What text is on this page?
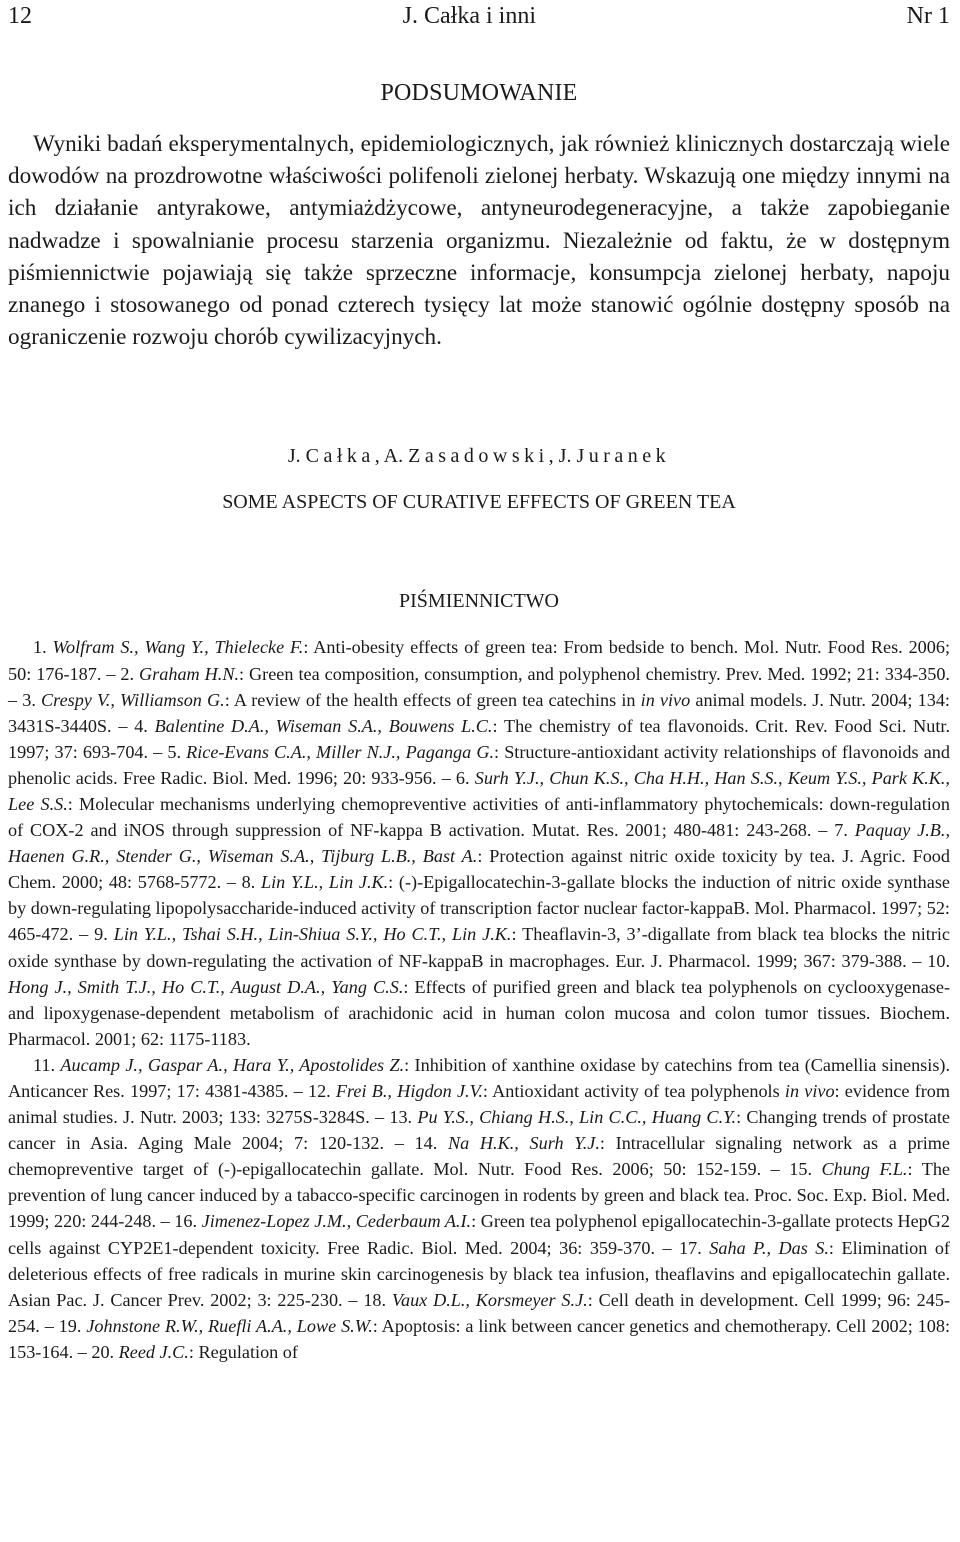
12	J. Całka i inni	Nr 1
PODSUMOWANIE

Wyniki badań eksperymentalnych, epidemiologicznych, jak również klinicznych dostarczają wiele dowodów na prozdrowotne właściwości polifenoli zielonej herbaty. Wskazują one między innymi na ich działanie antyrakowe, antymiażdżycowe, antyneurodegeneracyjne, a także zapobieganie nadwadze i spowalnianie procesu starzenia organizmu. Niezależnie od faktu, że w dostępnym piśmiennictwie pojawiają się także sprzeczne informacje, konsumpcja zielonej herbaty, napoju znanego i stosowanego od ponad czterech tysięcy lat może stanowić ogólnie dostępny sposób na ograniczenie rozwoju chorób cywilizacyjnych.

J. Całka, A. Zasadowski, J. Juranek
SOME ASPECTS OF CURATIVE EFFECTS OF GREEN TEA
PIŚMIENNICTWO

1. Wolfram S., Wang Y., Thielecke F.: Anti-obesity effects of green tea: From bedside to bench. Mol. Nutr. Food Res. 2006; 50: 176-187. – 2. Graham H.N.: Green tea composition, consumption, and polyphenol chemistry. Prev. Med. 1992; 21: 334-350. – 3. Crespy V., Williamson G.: A review of the health effects of green tea catechins in in vivo animal models. J. Nutr. 2004; 134: 3431S-3440S. – 4. Balentine D.A., Wiseman S.A., Bouwens L.C.: The chemistry of tea flavonoids. Crit. Rev. Food Sci. Nutr. 1997; 37: 693-704. – 5. Rice-Evans C.A., Miller N.J., Paganga G.: Structure-antioxidant activity relationships of flavonoids and phenolic acids. Free Radic. Biol. Med. 1996; 20: 933-956. – 6. Surh Y.J., Chun K.S., Cha H.H., Han S.S., Keum Y.S., Park K.K., Lee S.S.: Molecular mechanisms underlying chemopreventive activities of anti-inflammatory phytochemicals: down-regulation of COX-2 and iNOS through suppression of NF-kappa B activation. Mutat. Res. 2001; 480-481: 243-268. – 7. Paquay J.B., Haenen G.R., Stender G., Wiseman S.A., Tijburg L.B., Bast A.: Protection against nitric oxide toxicity by tea. J. Agric. Food Chem. 2000; 48: 5768-5772. – 8. Lin Y.L., Lin J.K.: (-)-Epigallocatechin-3-gallate blocks the induction of nitric oxide synthase by down-regulating lipopolysaccharide-induced activity of transcription factor nuclear factor-kappaB. Mol. Pharmacol. 1997; 52: 465-472. – 9. Lin Y.L., Tshai S.H., Lin-Shiua S.Y., Ho C.T., Lin J.K.: Theaflavin-3, 3’-digallate from black tea blocks the nitric oxide synthase by down-regulating the activation of NF-kappaB in macrophages. Eur. J. Pharmacol. 1999; 367: 379-388. – 10. Hong J., Smith T.J., Ho C.T., August D.A., Yang C.S.: Effects of purified green and black tea polyphenols on cyclooxygenase- and lipoxygenase-dependent metabolism of arachidonic acid in human colon mucosa and colon tumor tissues. Biochem. Pharmacol. 2001; 62: 1175-1183.

11. Aucamp J., Gaspar A., Hara Y., Apostolides Z.: Inhibition of xanthine oxidase by catechins from tea (Camellia sinensis). Anticancer Res. 1997; 17: 4381-4385. – 12. Frei B., Higdon J.V.: Antioxidant activity of tea polyphenols in vivo: evidence from animal studies. J. Nutr. 2003; 133: 3275S-3284S. – 13. Pu Y.S., Chiang H.S., Lin C.C., Huang C.Y.: Changing trends of prostate cancer in Asia. Aging Male 2004; 7: 120-132. – 14. Na H.K., Surh Y.J.: Intracellular signaling network as a prime chemopreventive target of (-)-epigallocatechin gallate. Mol. Nutr. Food Res. 2006; 50: 152-159. – 15. Chung F.L.: The prevention of lung cancer induced by a tabacco-specific carcinogen in rodents by green and black tea. Proc. Soc. Exp. Biol. Med. 1999; 220: 244-248. – 16. Jimenez-Lopez J.M., Cederbaum A.I.: Green tea polyphenol epigallocatechin-3-gallate protects HepG2 cells against CYP2E1-dependent toxicity. Free Radic. Biol. Med. 2004; 36: 359-370. – 17. Saha P., Das S.: Elimination of deleterious effects of free radicals in murine skin carcinogenesis by black tea infusion, theaflavins and epigallocatechin gallate. Asian Pac. J. Cancer Prev. 2002; 3: 225-230. – 18. Vaux D.L., Korsmeyer S.J.: Cell death in development. Cell 1999; 96: 245-254. – 19. Johnstone R.W., Ruefli A.A., Lowe S.W.: Apoptosis: a link between cancer genetics and chemotherapy. Cell 2002; 108: 153-164. – 20. Reed J.C.: Regulation of
